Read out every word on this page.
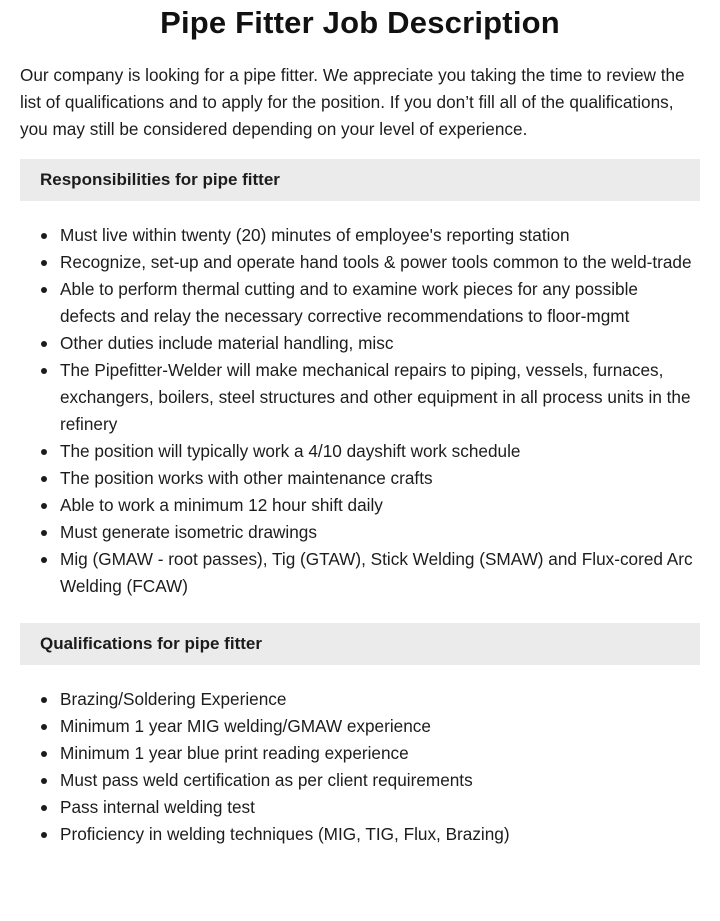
Pipe Fitter Job Description

Our company is looking for a pipe fitter. We appreciate you taking the time to review the list of qualifications and to apply for the position. If you don’t fill all of the qualifications, you may still be considered depending on your level of experience.

Responsibilities for pipe fitter
Must live within twenty (20) minutes of employee's reporting station
Recognize, set-up and operate hand tools & power tools common to the weld-trade
Able to perform thermal cutting and to examine work pieces for any possible defects and relay the necessary corrective recommendations to floor-mgmt
Other duties include material handling, misc
The Pipefitter-Welder will make mechanical repairs to piping, vessels, furnaces, exchangers, boilers, steel structures and other equipment in all process units in the refinery
The position will typically work a 4/10 dayshift work schedule
The position works with other maintenance crafts
Able to work a minimum 12 hour shift daily
Must generate isometric drawings
Mig (GMAW - root passes), Tig (GTAW), Stick Welding (SMAW) and Flux-cored Arc Welding (FCAW)
Qualifications for pipe fitter
Brazing/Soldering Experience
Minimum 1 year MIG welding/GMAW experience
Minimum 1 year blue print reading experience
Must pass weld certification as per client requirements
Pass internal welding test
Proficiency in welding techniques (MIG, TIG, Flux, Brazing)
